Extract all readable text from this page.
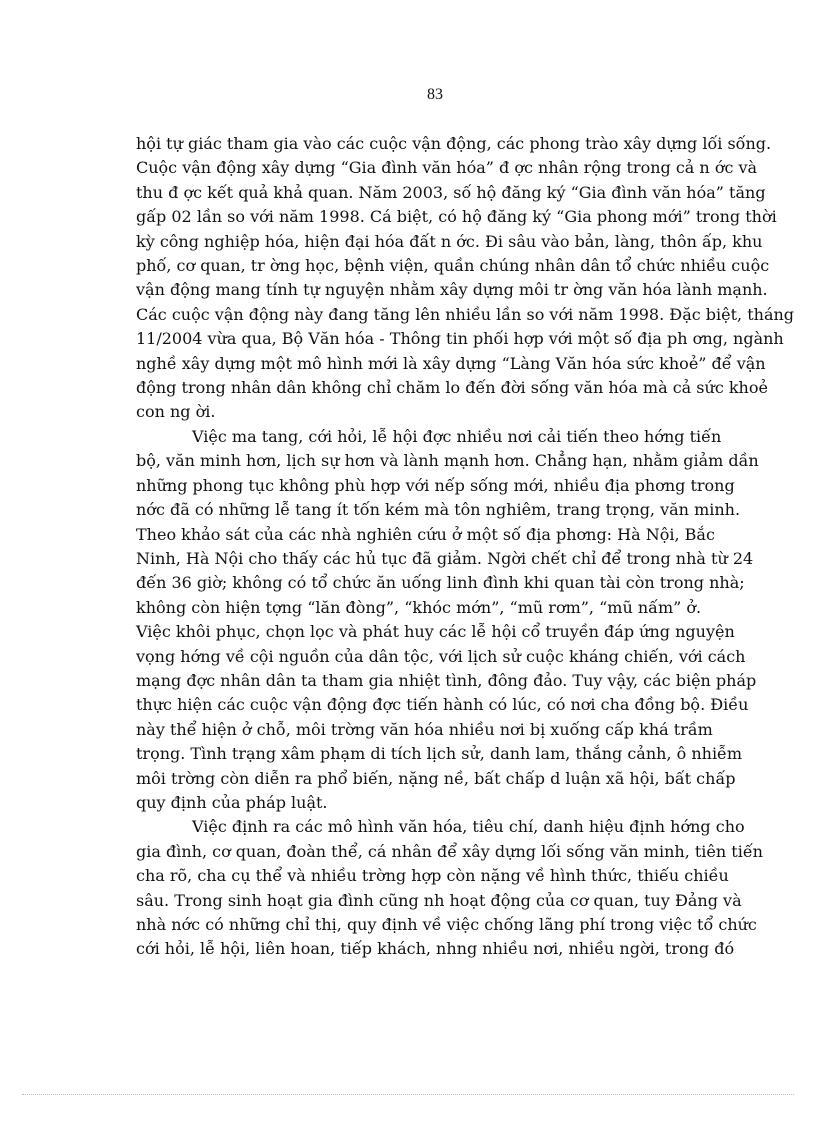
83

hội tự giác tham gia vào các cuộc vận động, các phong trào xây dựng lối sống.
Cuộc vận động xây dựng “Gia đình văn hóa” đ ợc nhân rộng trong cả n ớc và
thu đ ợc kết quả khả quan. Năm 2003, số hộ đăng ký “Gia đình văn hóa” tăng
gấp 02 lần so với năm 1998. Cá biệt, có hộ đăng ký “Gia phong mới” trong thời
kỳ công nghiệp hóa, hiện đại hóa đất n ớc. Đi sâu vào bản, làng, thôn ấp, khu
phố, cơ quan, tr ờng học, bệnh viện, quần chúng nhân dân tổ chức nhiều cuộc
vận động mang tính tự nguyện nhằm xây dựng môi tr ờng văn hóa lành mạnh.
Các cuộc vận động này đang tăng lên nhiều lần so với năm 1998. Đặc biệt, tháng
11/2004 vừa qua, Bộ Văn hóa - Thông tin phối hợp với một số địa ph ơng, ngành
nghề xây dựng một mô hình mới là xây dựng “Làng Văn hóa sức khoẻ” để vận
động trong nhân dân không chỉ chăm lo đến đời sống văn hóa mà cả sức khoẻ
con ng ời.

Việc ma tang, cới hỏi, lễ hội đợc nhiều nơi cải tiến theo hớng tiến
bộ, văn minh hơn, lịch sự hơn và lành mạnh hơn. Chẳng hạn, nhằm giảm dần
những phong tục không phù hợp với nếp sống mới, nhiều địa phơng trong
nớc đã có những lễ tang ít tốn kém mà tôn nghiêm, trang trọng, văn minh.
Theo khảo sát của các nhà nghiên cứu ở một số địa phơng: Hà Nội, Bắc
Ninh, Hà Nội cho thấy các hủ tục đã giảm. Ngời chết chỉ để trong nhà từ 24
đến 36 giờ; không có tổ chức ăn uống linh đình khi quan tài còn trong nhà;
không còn hiện tợng “lăn đòng”, “khóc mớn”, “mũ rơm”, “mũ nấm” ở.
Việc khôi phục, chọn lọc và phát huy các lễ hội cổ truyền đáp ứng nguyện
vọng hớng về cội nguồn của dân tộc, với lịch sử cuộc kháng chiến, với cách
mạng đợc nhân dân ta tham gia nhiệt tình, đông đảo. Tuy vậy, các biện pháp
thực hiện các cuộc vận động đợc tiến hành có lúc, có nơi cha đồng bộ. Điều
này thể hiện ở chỗ, môi trờng văn hóa nhiều nơi bị xuống cấp khá trầm
trọng. Tình trạng xâm phạm di tích lịch sử, danh lam, thắng cảnh, ô nhiễm
môi trờng còn diễn ra phổ biến, nặng nề, bất chấp d luận xã hội, bất chấp
quy định của pháp luật.

Việc định ra các mô hình văn hóa, tiêu chí, danh hiệu định hớng cho
gia đình, cơ quan, đoàn thể, cá nhân để xây dựng lối sống văn minh, tiên tiến
cha rõ, cha cụ thể và nhiều trờng hợp còn nặng về hình thức, thiếu chiều
sâu. Trong sinh hoạt gia đình cũng nh hoạt động của cơ quan, tuy Đảng và
nhà nớc có những chỉ thị, quy định về việc chống lãng phí trong việc tổ chức
cới hỏi, lễ hội, liên hoan, tiếp khách, nhng nhiều nơi, nhiều ngời, trong đó
